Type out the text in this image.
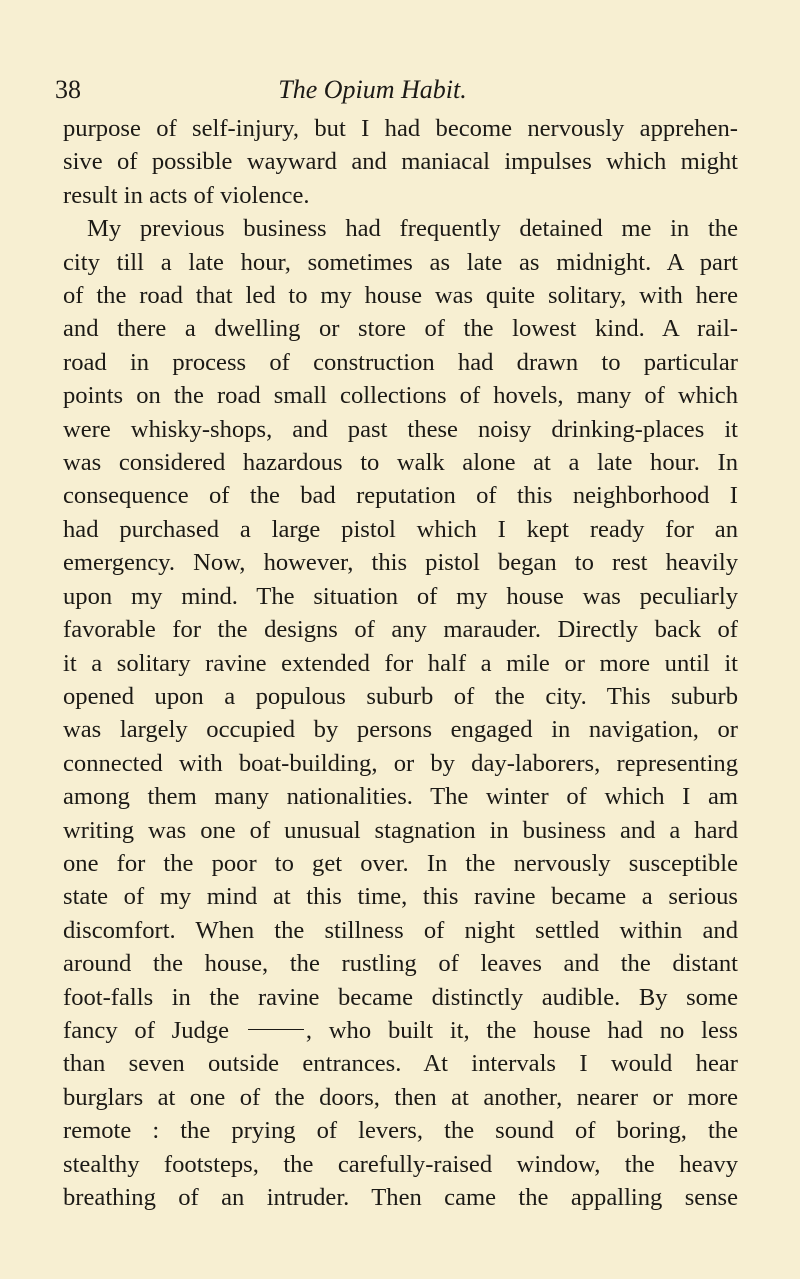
38	The Opium Habit.
purpose of self-injury, but I had become nervously apprehen-
sive of possible wayward and maniacal impulses which might
result in acts of violence.
My previous business had frequently detained me in the
city till a late hour, sometimes as late as midnight. A part
of the road that led to my house was quite solitary, with here
and there a dwelling or store of the lowest kind. A rail-
road in process of construction had drawn to particular
points on the road small collections of hovels, many of which
were whisky-shops, and past these noisy drinking-places it
was considered hazardous to walk alone at a late hour. In
consequence of the bad reputation of this neighborhood I
had purchased a large pistol which I kept ready for an
emergency. Now, however, this pistol began to rest heavily
upon my mind. The situation of my house was peculiarly
favorable for the designs of any marauder. Directly back of
it a solitary ravine extended for half a mile or more until it
opened upon a populous suburb of the city. This suburb
was largely occupied by persons engaged in navigation, or
connected with boat-building, or by day-laborers, representing
among them many nationalities. The winter of which I am
writing was one of unusual stagnation in business and a hard
one for the poor to get over. In the nervously susceptible
state of my mind at this time, this ravine became a serious
discomfort. When the stillness of night settled within and
around the house, the rustling of leaves and the distant
foot-falls in the ravine became distinctly audible. By some
fancy of Judge	, who built it, the house had no less
than seven outside entrances. At intervals I would hear
burglars at one of the doors, then at another, nearer or more
remote : the prying of levers, the sound of boring, the
stealthy footsteps, the carefully-raised window, the heavy
breathing of an intruder. Then came the appalling sense
